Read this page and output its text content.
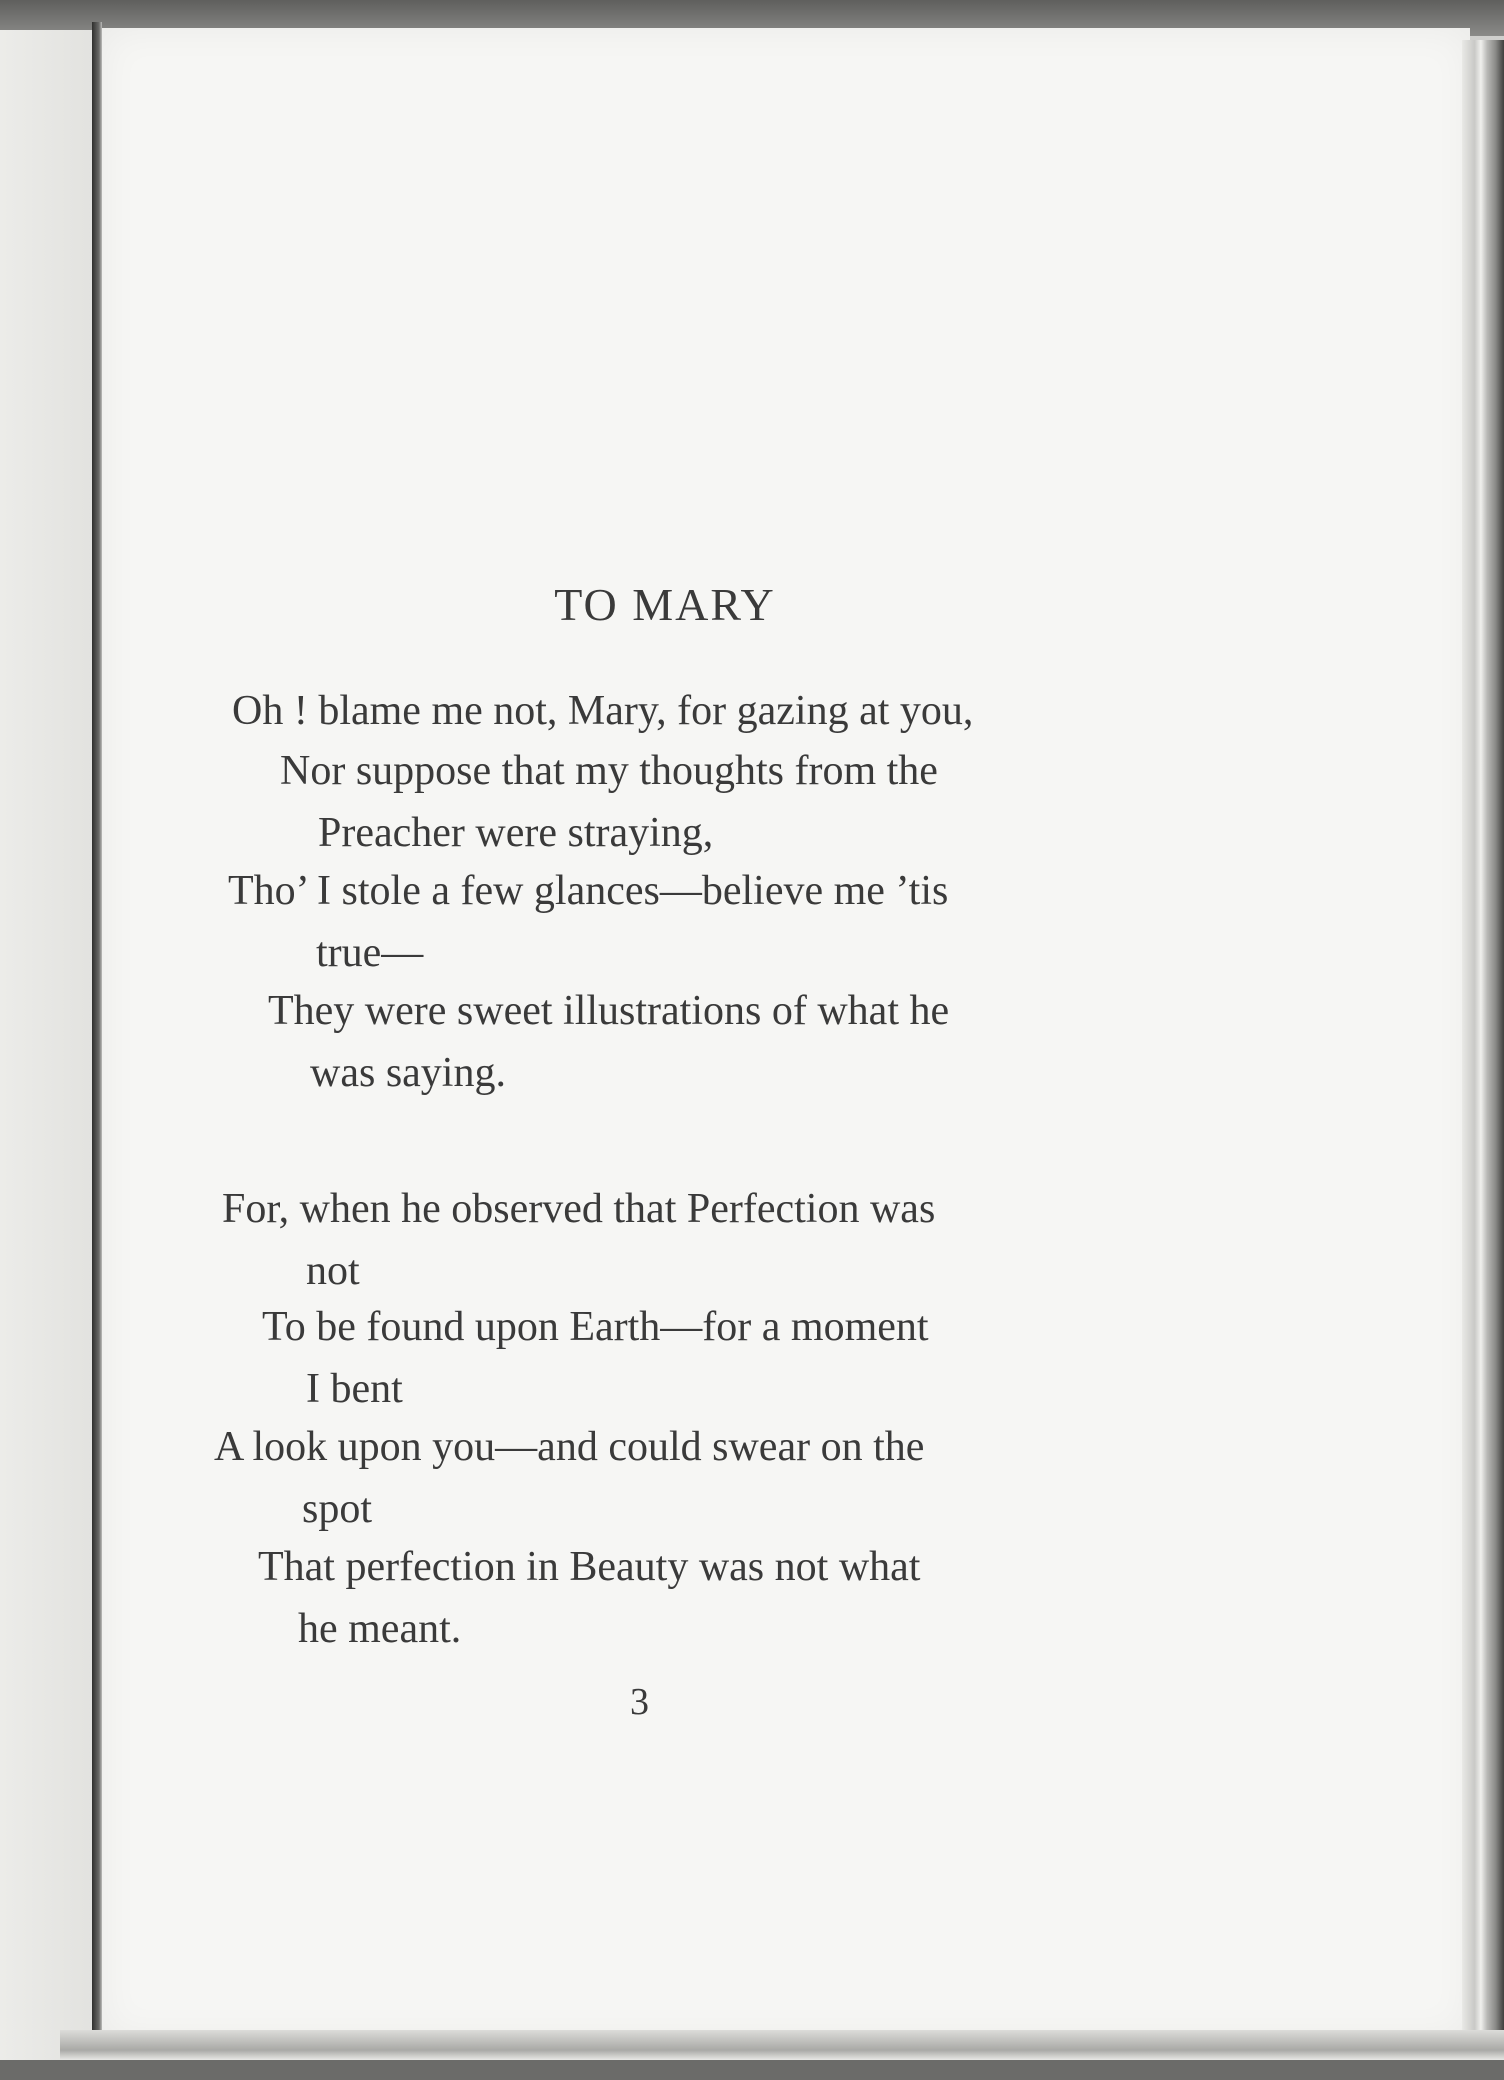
TO MARY
Oh ! blame me not, Mary, for gazing at you,
Nor suppose that my thoughts from the
Preacher were straying,
Tho’ I stole a few glances—believe me ’tis
true—
They were sweet illustrations of what he
was saying.
For, when he observed that Perfection was
not
To be found upon Earth—for a moment
I bent
A look upon you—and could swear on the
spot
That perfection in Beauty was not what
he meant.
3
